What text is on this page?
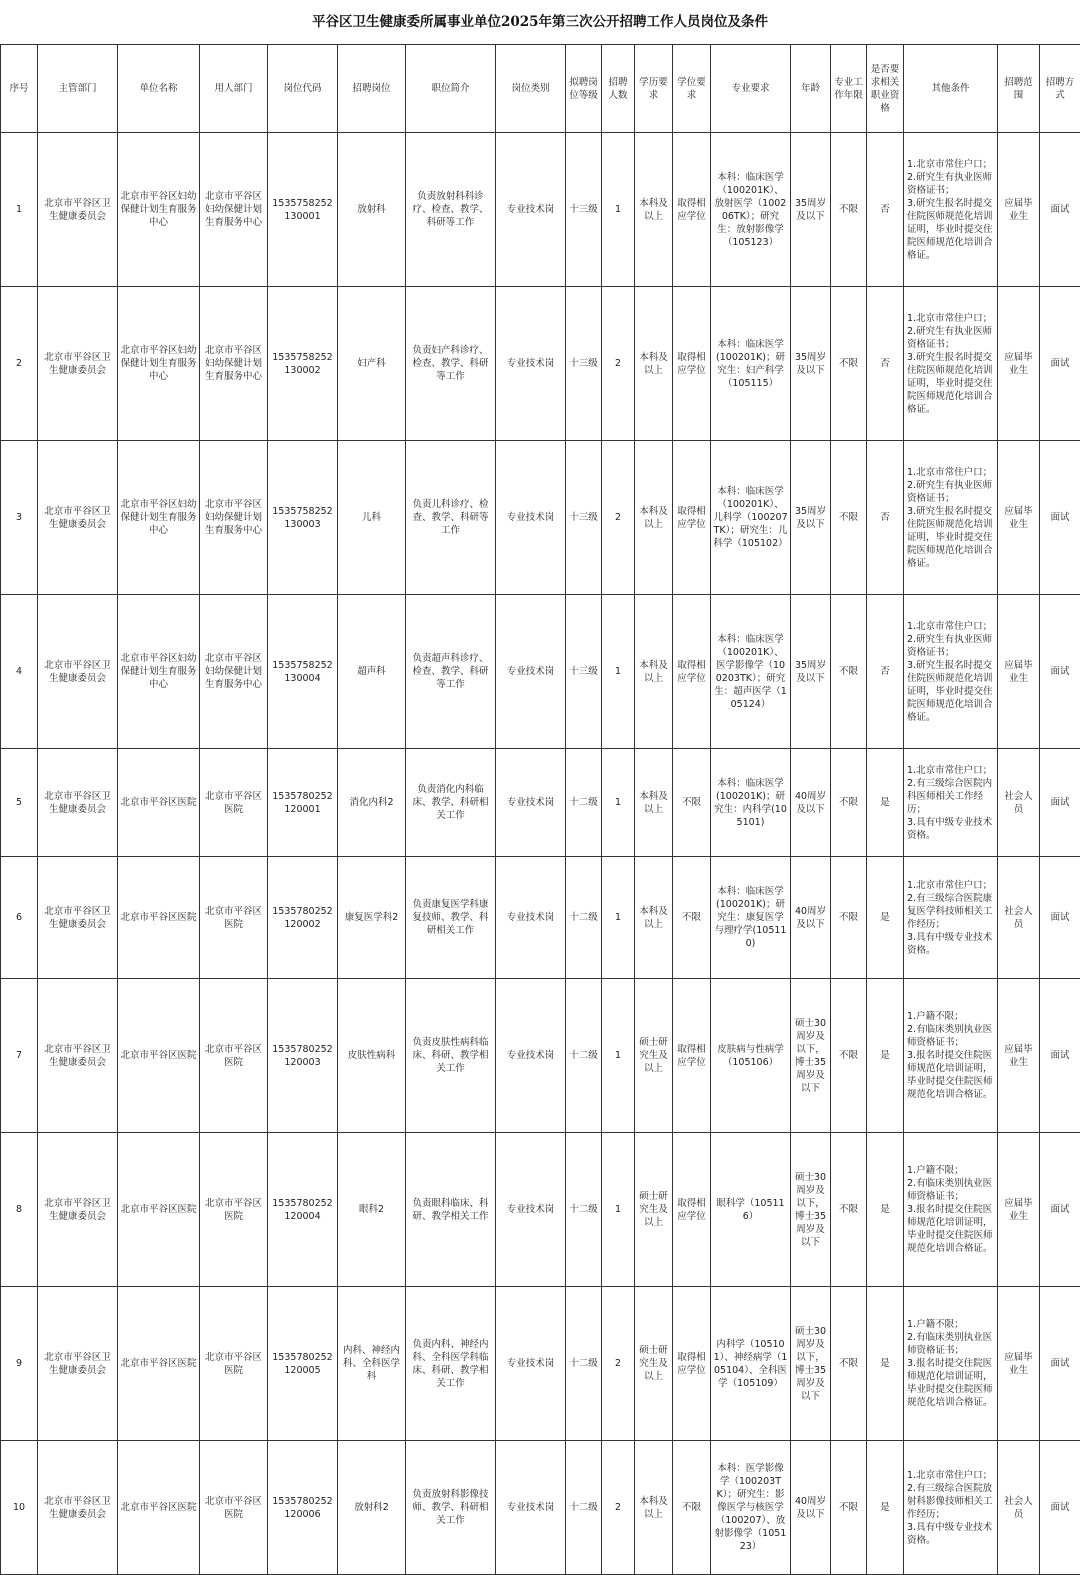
平谷区卫生健康委所属事业单位2025年第三次公开招聘工作人员岗位及条件
序号	主管部门	单位名称	用人部门	岗位代码	招聘岗位	职位简介	岗位类别	拟聘岗位等级	招聘人数	学历要求	学位要求	专业要求	年龄	专业工作年限	是否要求相关职业资格	其他条件	招聘范围	招聘方式
1	北京市平谷区卫生健康委员会	北京市平谷区妇幼保健计划生育服务中心	北京市平谷区妇幼保健计划生育服务中心	1535758252130001	放射科	负责放射科科诊疗、检查、教学、科研等工作	专业技术岗	十三级	1	本科及以上	取得相应学位	本科：临床医学（100201K）、放射医学（100206TK）；研究生：放射影像学（105123）	35周岁及以下	不限	否	1.北京市常住户口；
2.研究生有执业医师资格证书；
3.研究生报名时提交住院医师规范化培训证明，毕业时提交住院医师规范化培训合格证。	应届毕业生	面试
2	北京市平谷区卫生健康委员会	北京市平谷区妇幼保健计划生育服务中心	北京市平谷区妇幼保健计划生育服务中心	1535758252130002	妇产科	负责妇产科诊疗、检查、教学、科研等工作	专业技术岗	十三级	2	本科及以上	取得相应学位	本科：临床医学(100201K)；研究生：妇产科学（105115）	35周岁及以下	不限	否	1.北京市常住户口；
2.研究生有执业医师资格证书；
3.研究生报名时提交住院医师规范化培训证明，毕业时提交住院医师规范化培训合格证。	应届毕业生	面试
3	北京市平谷区卫生健康委员会	北京市平谷区妇幼保健计划生育服务中心	北京市平谷区妇幼保健计划生育服务中心	1535758252130003	儿科	负责儿科诊疗、检查、教学、科研等工作	专业技术岗	十三级	2	本科及以上	取得相应学位	本科：临床医学（100201K）、儿科学（100207TK）；研究生：儿科学（105102）	35周岁及以下	不限	否	1.北京市常住户口；
2.研究生有执业医师资格证书；
3.研究生报名时提交住院医师规范化培训证明，毕业时提交住院医师规范化培训合格证。	应届毕业生	面试
4	北京市平谷区卫生健康委员会	北京市平谷区妇幼保健计划生育服务中心	北京市平谷区妇幼保健计划生育服务中心	1535758252130004	超声科	负责超声科诊疗、检查、教学、科研等工作	专业技术岗	十三级	1	本科及以上	取得相应学位	本科：临床医学（100201K）、医学影像学（100203TK）；研究生：超声医学（105124）	35周岁及以下	不限	否	1.北京市常住户口；
2.研究生有执业医师资格证书；
3.研究生报名时提交住院医师规范化培训证明，毕业时提交住院医师规范化培训合格证。	应届毕业生	面试
5	北京市平谷区卫生健康委员会	北京市平谷区医院	北京市平谷区医院	1535780252120001	消化内科2	负责消化内科临床、教学、科研相关工作	专业技术岗	十二级	1	本科及以上	不限	本科：临床医学(100201K)；研究生：内科学(105101)	40周岁及以下	不限	是	1.北京市常住户口；
2.有三级综合医院内科医师相关工作经历；
3.具有中级专业技术资格。	社会人员	面试
6	北京市平谷区卫生健康委员会	北京市平谷区医院	北京市平谷区医院	1535780252120002	康复医学科2	负责康复医学科康复技师、教学、科研相关工作	专业技术岗	十二级	1	本科及以上	不限	本科：临床医学(100201K)；研究生：康复医学与理疗学(105110)	40周岁及以下	不限	是	1.北京市常住户口；
2.有三级综合医院康复医学科技师相关工作经历；
3.具有中级专业技术资格。	社会人员	面试
7	北京市平谷区卫生健康委员会	北京市平谷区医院	北京市平谷区医院	1535780252120003	皮肤性病科	负责皮肤性病科临床、科研、教学相关工作	专业技术岗	十二级	1	硕士研究生及以上	取得相应学位	皮肤病与性病学（105106）	硕士30周岁及以下，博士35周岁及以下	不限	是	1.户籍不限；
2.有临床类别执业医师资格证书；
3.报名时提交住院医师规范化培训证明，毕业时提交住院医师规范化培训合格证。	应届毕业生	面试
8	北京市平谷区卫生健康委员会	北京市平谷区医院	北京市平谷区医院	1535780252120004	眼科2	负责眼科临床、科研、教学相关工作	专业技术岗	十二级	1	硕士研究生及以上	取得相应学位	眼科学（105116）	硕士30周岁及以下，博士35周岁及以下	不限	是	1.户籍不限；
2.有临床类别执业医师资格证书；
3.报名时提交住院医师规范化培训证明，毕业时提交住院医师规范化培训合格证。	应届毕业生	面试
9	北京市平谷区卫生健康委员会	北京市平谷区医院	北京市平谷区医院	1535780252120005	内科、神经内科、全科医学科	负责内科、神经内科、全科医学科临床、科研、教学相关工作	专业技术岗	十二级	2	硕士研究生及以上	取得相应学位	内科学（105101）、神经病学（105104）、全科医学（105109）	硕士30周岁及以下，博士35周岁及以下	不限	是	1.户籍不限；
2.有临床类别执业医师资格证书；
3.报名时提交住院医师规范化培训证明，毕业时提交住院医师规范化培训合格证。	应届毕业生	面试
10	北京市平谷区卫生健康委员会	北京市平谷区医院	北京市平谷区医院	1535780252120006	放射科2	负责放射科影像技师、教学、科研相关工作	专业技术岗	十二级	2	本科及以上	不限	本科：医学影像学（100203TK）；研究生：影像医学与核医学（100207）、放射影像学（105123）	40周岁及以下	不限	是	1.北京市常住户口；
2.有三级综合医院放射科影像技师相关工作经历；
3.具有中级专业技术资格。	社会人员	面试
